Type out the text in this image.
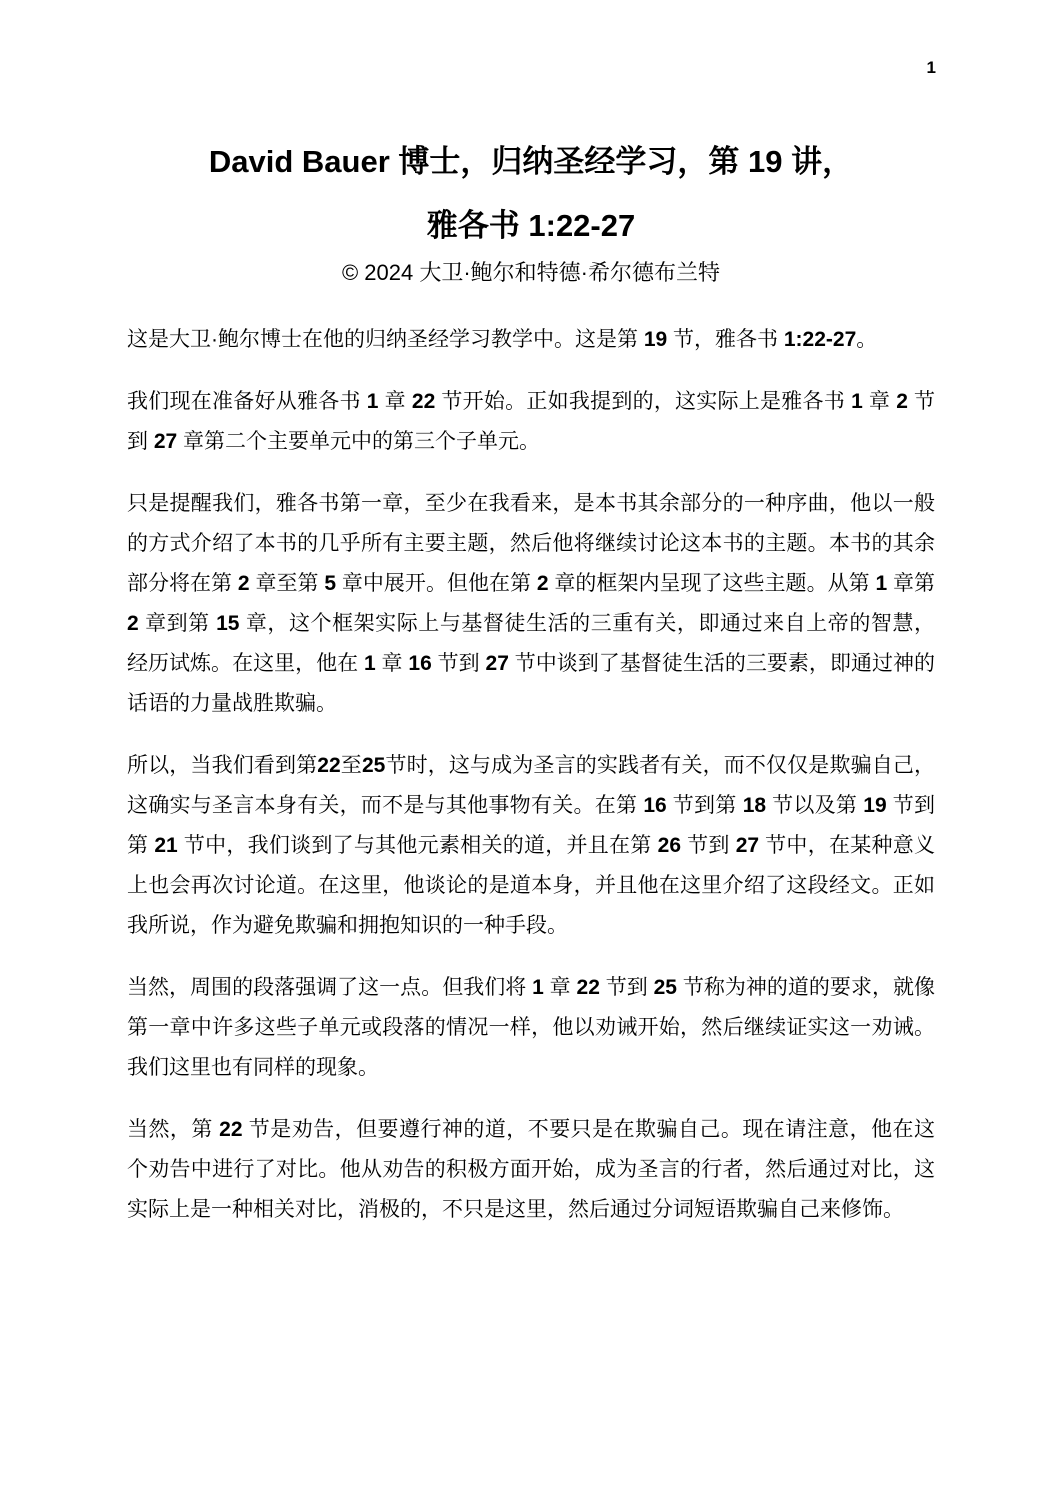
1
David Bauer 博士，归纳圣经学习，第 19 讲，
雅各书 1:22-27

© 2024 大卫·鲍尔和特德·希尔德布兰特

这是大卫·鲍尔博士在他的归纳圣经学习教学中。这是第 19 节，雅各书 1:22-27。

我们现在准备好从雅各书 1 章 22 节开始。正如我提到的，这实际上是雅各书 1 章 2 节到 27 章第二个主要单元中的第三个子单元。

只是提醒我们，雅各书第一章，至少在我看来，是本书其余部分的一种序曲，他以一般的方式介绍了本书的几乎所有主要主题，然后他将继续讨论这本书的主题。本书的其余部分将在第 2 章至第 5 章中展开。但他在第 2 章的框架内呈现了这些主题。从第 1 章第 2 章到第 15 章，这个框架实际上与基督徒生活的三重有关，即通过来自上帝的智慧，经历试炼。在这里，他在 1 章 16 节到 27 节中谈到了基督徒生活的三要素，即通过神的话语的力量战胜欺骗。

所以，当我们看到第22至25节时，这与成为圣言的实践者有关，而不仅仅是欺骗自己，这确实与圣言本身有关，而不是与其他事物有关。在第 16 节到第 18 节以及第 19 节到第 21 节中，我们谈到了与其他元素相关的道，并且在第 26 节到 27 节中，在某种意义上也会再次讨论道。在这里，他谈论的是道本身，并且他在这里介绍了这段经文。正如我所说，作为避免欺骗和拥抱知识的一种手段。

当然，周围的段落强调了这一点。但我们将 1 章 22 节到 25 节称为神的道的要求，就像第一章中许多这些子单元或段落的情况一样，他以劝诫开始，然后继续证实这一劝诫。我们这里也有同样的现象。

当然，第 22 节是劝告，但要遵行神的道，不要只是在欺骗自己。现在请注意，他在这个劝告中进行了对比。他从劝告的积极方面开始，成为圣言的行者，然后通过对比，这实际上是一种相关对比，消极的，不只是这里，然后通过分词短语欺骗自己来修饰。
